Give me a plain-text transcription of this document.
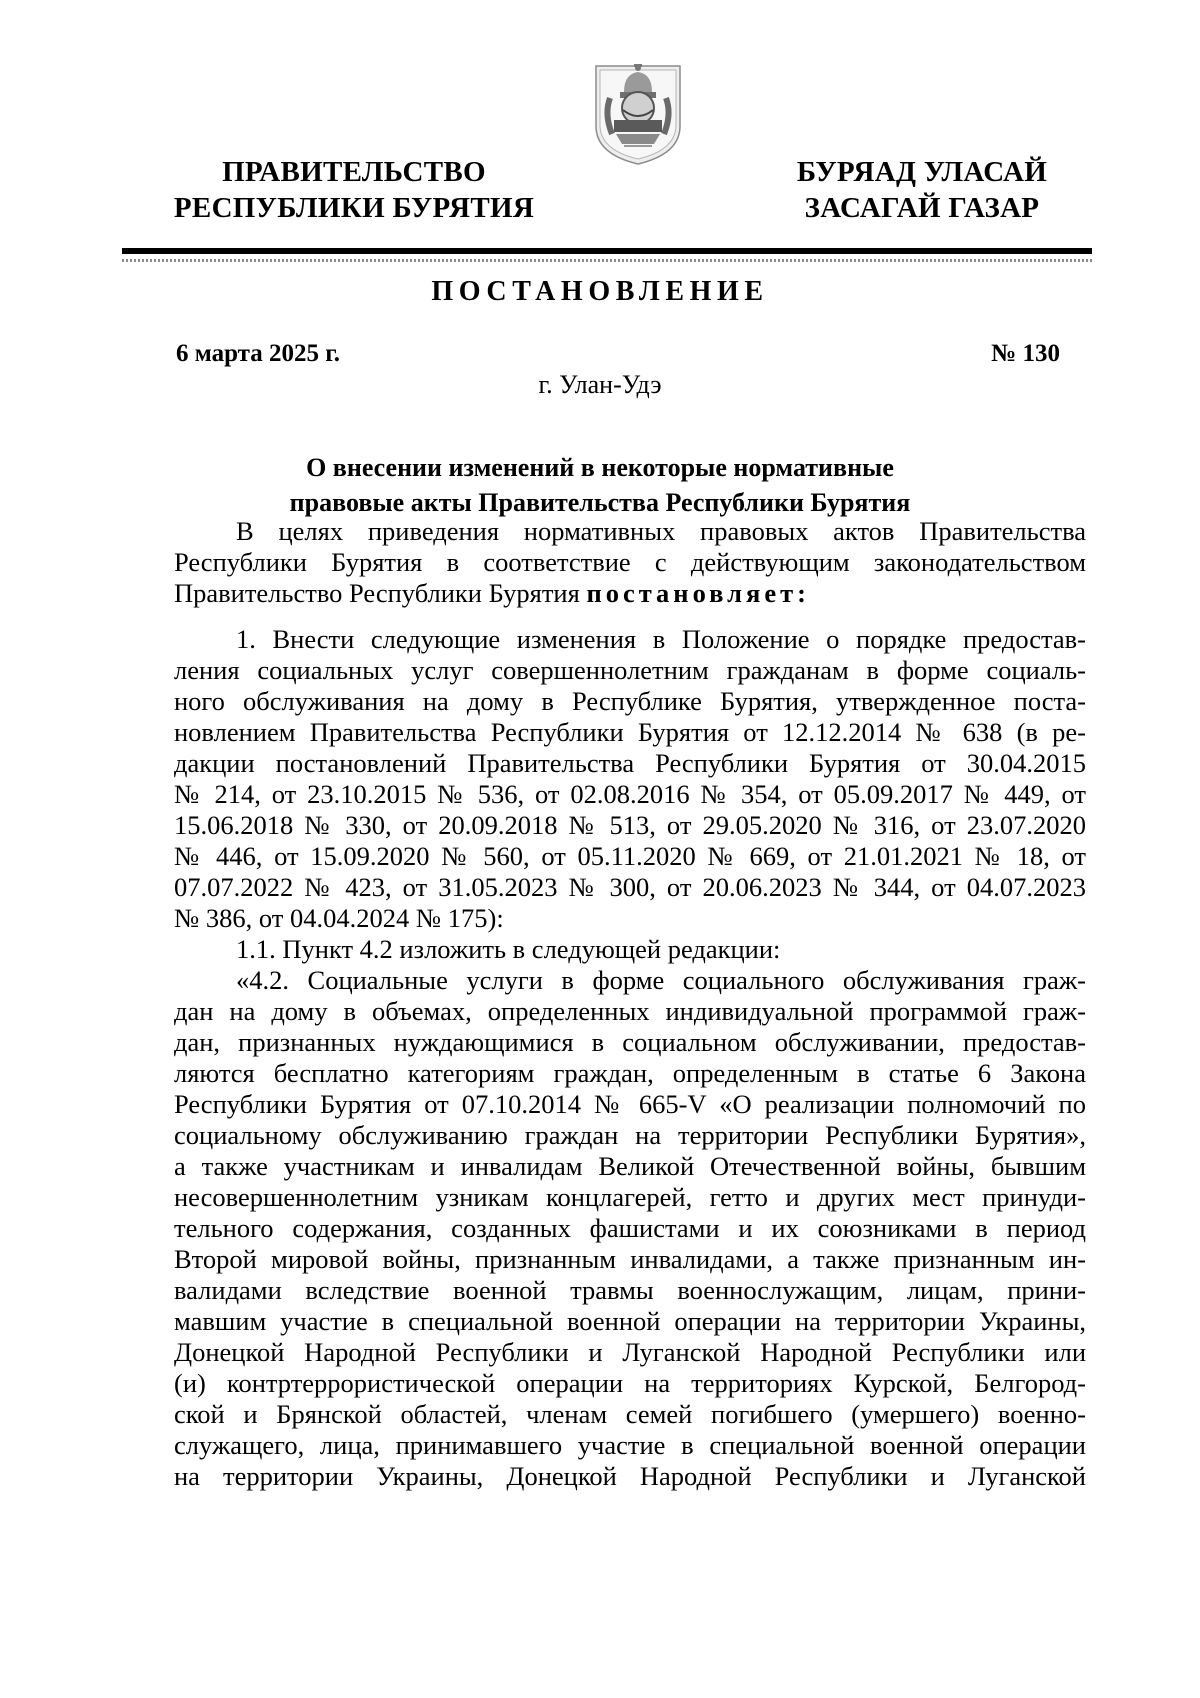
ПРАВИТЕЛЬСТВО
РЕСПУБЛИКИ БУРЯТИЯ
БУРЯАД УЛАСАЙ
ЗАСАГАЙ ГАЗАР
ПОСТАНОВЛЕНИЕ
6 марта 2025 г.	№ 130
г. Улан-Удэ
О внесении изменений в некоторые нормативные
правовые акты Правительства Республики Бурятия
В целях приведения нормативных правовых актов Правительства
Республики Бурятия в соответствие с действующим законодательством
Правительство Республики Бурятия постановляет:
1. Внести следующие изменения в Положение о порядке предостав-
ления социальных услуг совершеннолетним гражданам в форме социаль-
ного обслуживания на дому в Республике Бурятия, утвержденное поста-
новлением Правительства Республики Бурятия от 12.12.2014 № 638 (в ре-
дакции постановлений Правительства Республики Бурятия от 30.04.2015
№ 214, от 23.10.2015 № 536, от 02.08.2016 № 354, от 05.09.2017 № 449, от
15.06.2018 № 330, от 20.09.2018 № 513, от 29.05.2020 № 316, от 23.07.2020
№ 446, от 15.09.2020 № 560, от 05.11.2020 № 669, от 21.01.2021 № 18, от
07.07.2022 № 423, от 31.05.2023 № 300, от 20.06.2023 № 344, от 04.07.2023
№ 386, от 04.04.2024 № 175):
1.1. Пункт 4.2 изложить в следующей редакции:
«4.2. Социальные услуги в форме социального обслуживания граж-
дан на дому в объемах, определенных индивидуальной программой граж-
дан, признанных нуждающимися в социальном обслуживании, предостав-
ляются бесплатно категориям граждан, определенным в статье 6 Закона
Республики Бурятия от 07.10.2014 № 665-V «О реализации полномочий по
социальному обслуживанию граждан на территории Республики Бурятия»,
а также участникам и инвалидам Великой Отечественной войны, бывшим
несовершеннолетним узникам концлагерей, гетто и других мест принуди-
тельного содержания, созданных фашистами и их союзниками в период
Второй мировой войны, признанным инвалидами, а также признанным ин-
валидами вследствие военной травмы военнослужащим, лицам, прини-
мавшим участие в специальной военной операции на территории Украины,
Донецкой Народной Республики и Луганской Народной Республики или
(и) контртеррористической операции на территориях Курской, Белгород-
ской и Брянской областей, членам семей погибшего (умершего) военно-
служащего, лица, принимавшего участие в специальной военной операции
на территории Украины, Донецкой Народной Республики и Луганской
